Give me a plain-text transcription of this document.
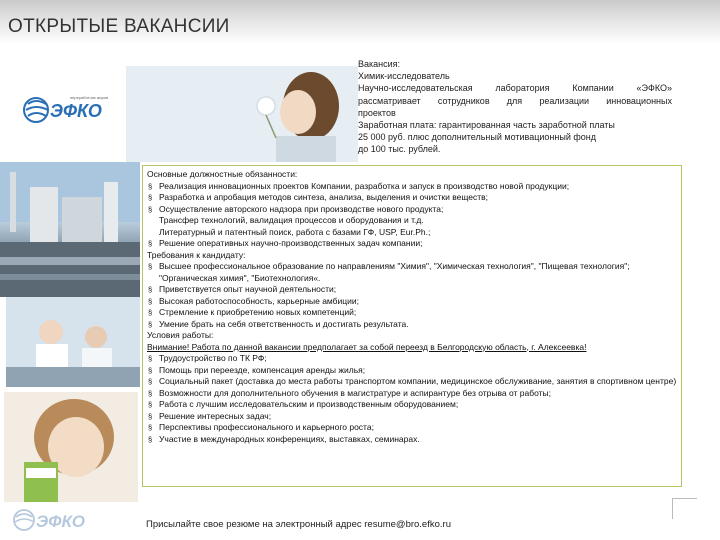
ОТКРЫТЫЕ ВАКАНСИИ
ЭФКО
переработчик жиров
Вакансия:
Химик-исследователь
Научно-исследовательская лаборатория Компании «ЭФКО»
рассматривает сотрудников для реализации инновационных
проектов
Заработная плата: гарантированная часть заработной платы
25 000 руб. плюс дополнительный мотивационный фонд
до 100 тыс. рублей.
Основные должностные обязанности:
§ Реализация инновационных проектов Компании, разработка и запуск в производство новой продукции;
§ Разработка и апробация методов синтеза, анализа, выделения и очистки веществ;
§ Осуществление авторского надзора при производстве нового продукта;
Трансфер технологий, валидация процессов и оборудования и т.д.
Литературный и патентный поиск, работа с базами ГФ, USP, Eur.Ph.;
§ Решение оперативных научно-производственных задач компании;
Требования к кандидату:
§ Высшее профессиональное образование по направлениям "Химия", "Химическая технология", "Пищевая технология"; "Органическая химия", "Биотехнология«.
§ Приветствуется опыт научной деятельности;
§ Высокая работоспособность, карьерные амбиции;
§ Стремление к приобретению новых компетенций;
§ Умение брать на себя ответственность и достигать результата.
Условия работы:
Внимание! Работа по данной вакансии предполагает за собой переезд в Белгородскую область, г. Алексеевка!
§ Трудоустройство по ТК РФ;
§ Помощь при переезде, компенсация аренды жилья;
§ Социальный пакет (доставка до места работы транспортом компании, медицинское обслуживание, занятия в спортивном центре)
§ Возможности для дополнительного обучения в магистратуре и аспирантуре без отрыва от работы;
§ Работа с лучшим исследовательским и производственным оборудованием;
§ Решение интересных задач;
§ Перспективы профессионального и карьерного роста;
§ Участие в международных конференциях, выставках, семинарах.
ЭФКО	Присылайте свое резюме на электронный адрес resume@bro.efko.ru
